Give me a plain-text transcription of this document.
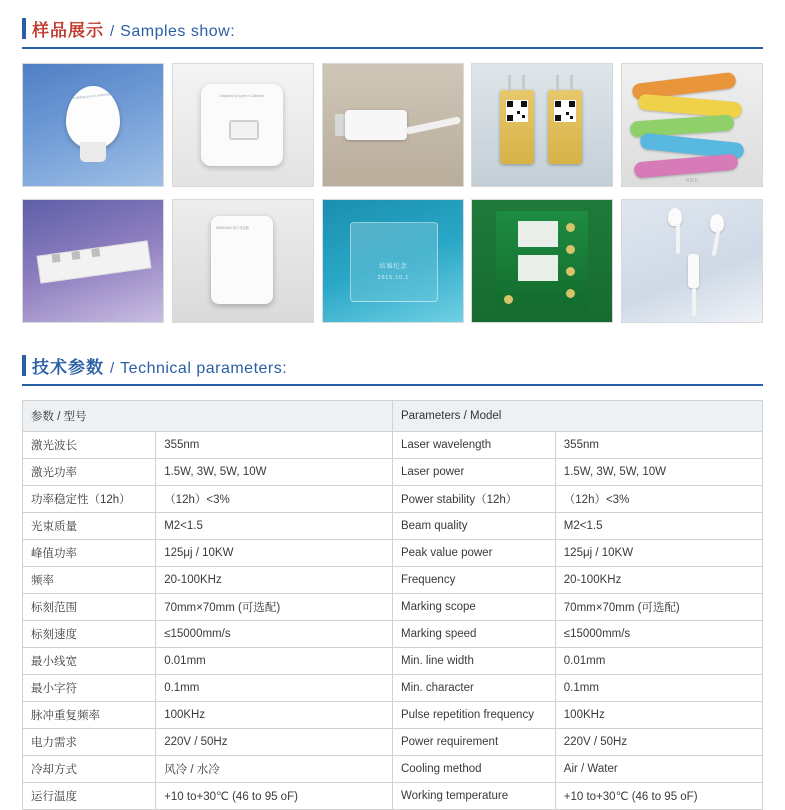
样品展示 / Samples show:
Enabling you to understand	Designed by Apple in California
NIKE
SAMSUNG 旅行充电器
结婚纪念
2015.10.1
技术参数 / Technical parameters:
参数 / 型号		Parameters / Model	
激光波长	355nm	Laser wavelength	355nm
激光功率	1.5W, 3W, 5W, 10W	Laser power	1.5W, 3W, 5W, 10W
功率稳定性（12h）	（12h）<3%	Power stability（12h）	（12h）<3%
光束质量	M2<1.5	Beam quality	M2<1.5
峰值功率	125μj / 10KW	Peak value power	125μj / 10KW
频率	20-100KHz	Frequency	20-100KHz
标刻范围	70mm×70mm (可选配)	Marking scope	70mm×70mm (可选配)
标刻速度	≤15000mm/s	Marking speed	≤15000mm/s
最小线宽	0.01mm	Min. line width	0.01mm
最小字符	0.1mm	Min. character	0.1mm
脉冲重复频率	100KHz	Pulse repetition frequency	100KHz
电力需求	220V / 50Hz	Power requirement	220V / 50Hz
冷却方式	风冷 / 水冷	Cooling method	Air / Water
运行温度	+10 to+30℃ (46 to 95 oF)	Working temperature	+10 to+30℃ (46 to 95 oF)
